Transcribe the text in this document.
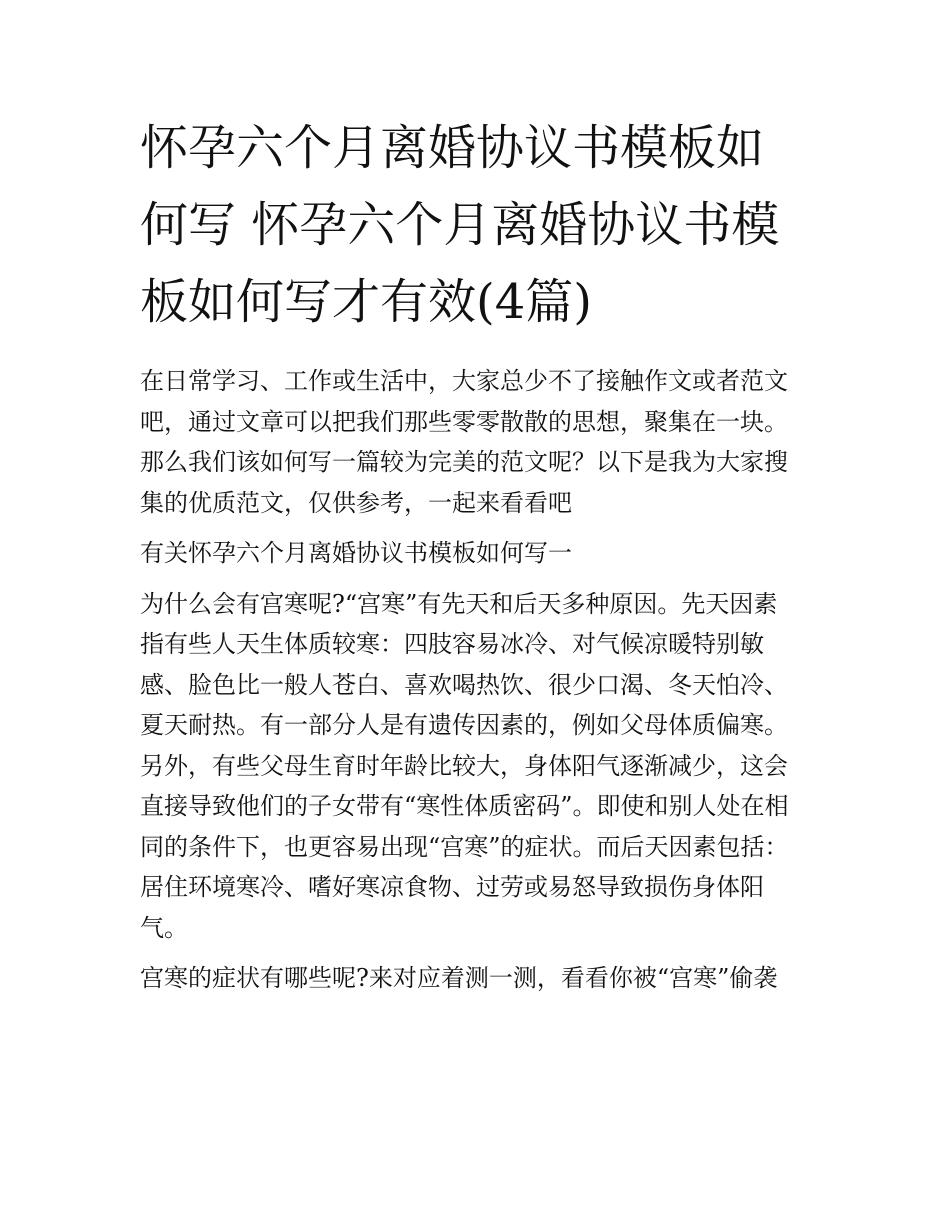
怀孕六个月离婚协议书模板如
何写 怀孕六个月离婚协议书模
板如何写才有效(4篇)

在日常学习、工作或生活中，大家总少不了接触作文或者范文
吧，通过文章可以把我们那些零零散散的思想，聚集在一块。
那么我们该如何写一篇较为完美的范文呢？以下是我为大家搜
集的优质范文，仅供参考，一起来看看吧

有关怀孕六个月离婚协议书模板如何写一

为什么会有宫寒呢?“宫寒”有先天和后天多种原因。先天因素
指有些人天生体质较寒：四肢容易冰冷、对气候凉暖特别敏
感、脸色比一般人苍白、喜欢喝热饮、很少口渴、冬天怕冷、
夏天耐热。有一部分人是有遗传因素的，例如父母体质偏寒。
另外，有些父母生育时年龄比较大，身体阳气逐渐减少，这会
直接导致他们的子女带有“寒性体质密码”。即使和别人处在相
同的条件下，也更容易出现“宫寒”的症状。而后天因素包括：
居住环境寒冷、嗜好寒凉食物、过劳或易怒导致损伤身体阳
气。

宫寒的症状有哪些呢?来对应着测一测，看看你被“宫寒”偷袭
